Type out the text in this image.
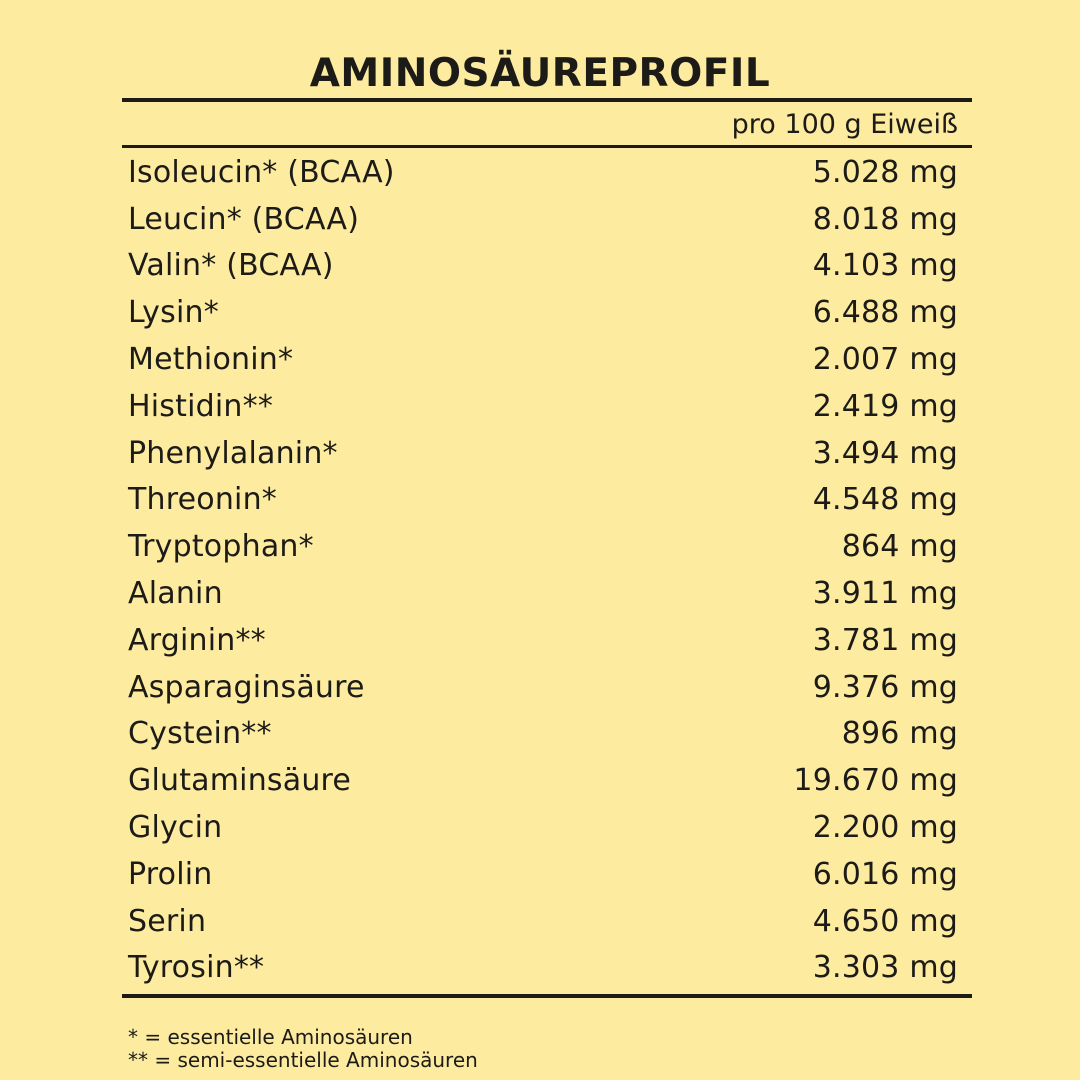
AMINOSÄUREPROFIL
pro 100 g Eiweiß
Isoleucin* (BCAA)	5.028 mg
Leucin* (BCAA)	8.018 mg
Valin* (BCAA)	4.103 mg
Lysin*	6.488 mg
Methionin*	2.007 mg
Histidin**	2.419 mg
Phenylalanin*	3.494 mg
Threonin*	4.548 mg
Tryptophan*	864 mg
Alanin	3.911 mg
Arginin**	3.781 mg
Asparaginsäure	9.376 mg
Cystein**	896 mg
Glutaminsäure	19.670 mg
Glycin	2.200 mg
Prolin	6.016 mg
Serin	4.650 mg
Tyrosin**	3.303 mg
* = essentielle Aminosäuren
** = semi-essentielle Aminosäuren
